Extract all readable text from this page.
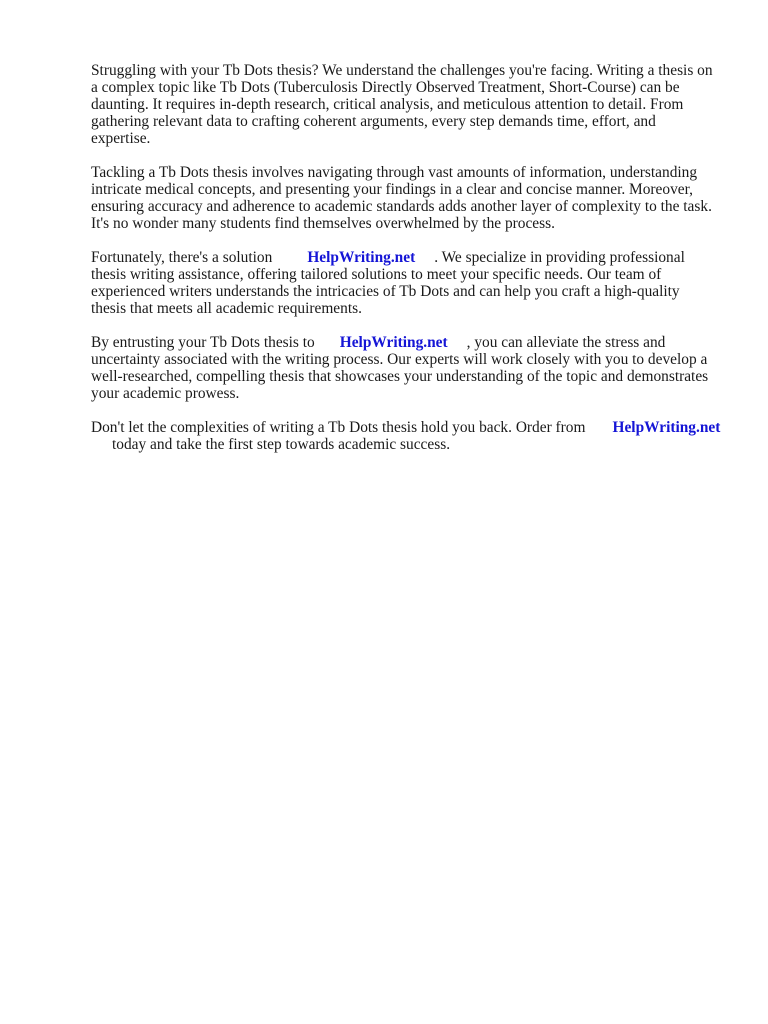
Struggling with your Tb Dots thesis? We understand the challenges you're facing. Writing a thesis on
a complex topic like Tb Dots (Tuberculosis Directly Observed Treatment, Short-Course) can be
daunting. It requires in-depth research, critical analysis, and meticulous attention to detail. From
gathering relevant data to crafting coherent arguments, every step demands time, effort, and
expertise.
Tackling a Tb Dots thesis involves navigating through vast amounts of information, understanding
intricate medical concepts, and presenting your findings in a clear and concise manner. Moreover,
ensuring accuracy and adherence to academic standards adds another layer of complexity to the task.
It's no wonder many students find themselves overwhelmed by the process.
Fortunately, there's a solution HelpWriting.net . We specialize in providing professional
thesis writing assistance, offering tailored solutions to meet your specific needs. Our team of
experienced writers understands the intricacies of Tb Dots and can help you craft a high-quality
thesis that meets all academic requirements.
By entrusting your Tb Dots thesis to HelpWriting.net , you can alleviate the stress and
uncertainty associated with the writing process. Our experts will work closely with you to develop a
well-researched, compelling thesis that showcases your understanding of the topic and demonstrates
your academic prowess.
Don't let the complexities of writing a Tb Dots thesis hold you back. Order from HelpWriting.net
today and take the first step towards academic success.
